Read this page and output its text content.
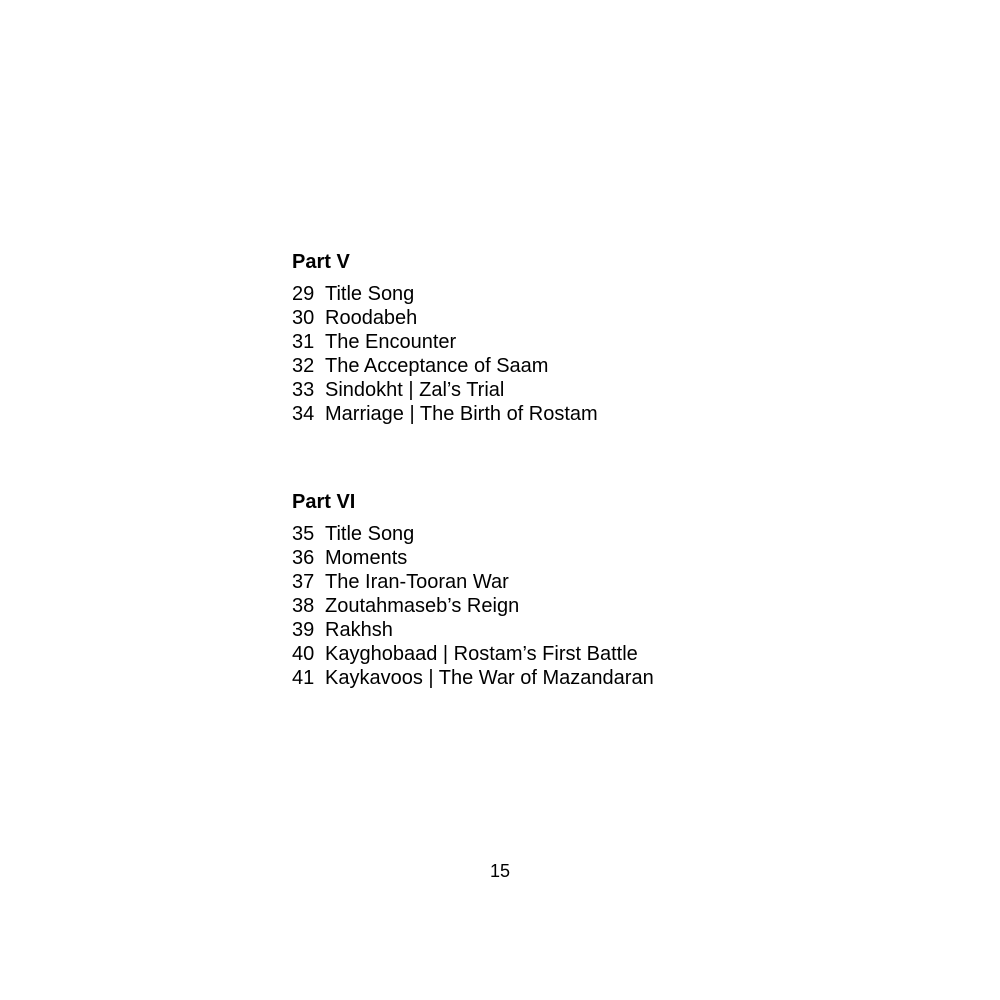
Part V
29 Title Song
30 Roodabeh
31 The Encounter
32 The Acceptance of Saam
33 Sindokht | Zal’s Trial
34 Marriage | The Birth of Rostam
Part VI
35 Title Song
36 Moments
37 The Iran-Tooran War
38 Zoutahmaseb’s Reign
39 Rakhsh
40 Kayghobaad | Rostam’s First Battle
41 Kaykavoos | The War of Mazandaran
15
